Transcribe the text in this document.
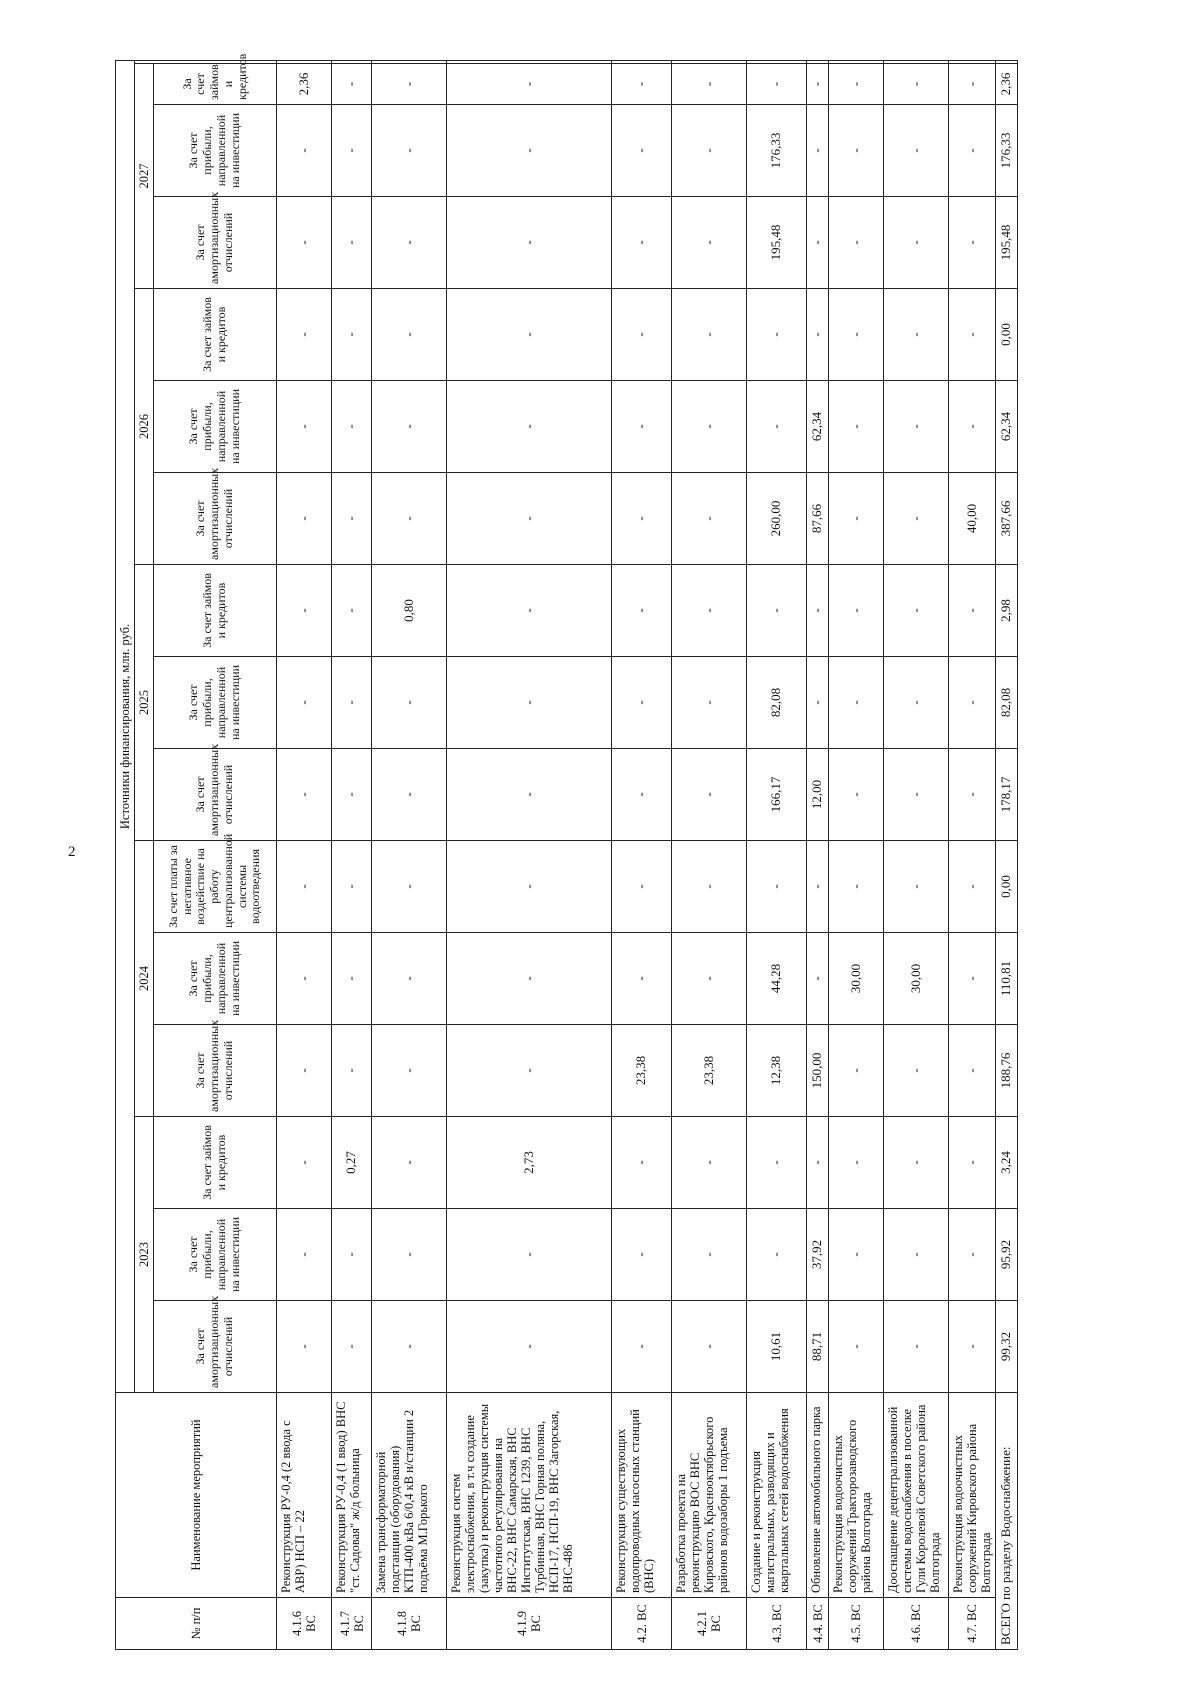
2
№ п/п	Наименование мероприятий	Источники финансирования, млн. руб.															
		2023			2024			2025			2026			2027			
		За счет амортизационных отчислений	За счет прибыли, направленной на инвестиции	За счет займов и кредитов	За счет амортизационных отчислений	За счет прибыли, направленной на инвестиции	За счет платы за негативное воздействие на работу централизованной системы водоотведения	За счет амортизационных отчислений	За счет прибыли, направленной на инвестиции	За счет займов и кредитов	За счет амортизационных отчислений	За счет прибыли, направленной на инвестиции	За счет займов и кредитов	За счет амортизационных отчислений	За счет прибыли, направленной на инвестиции	За счет займов и кредитов	
4.1.6 ВС	Реконструкция РУ-0,4 (2 ввода с АВР) НСП – 22	-	-	-	-	-	-	-	-	-	-	-	-	-	-	2,36	
4.1.7 ВС	Реконструкция РУ-0,4 (1 ввод) ВНС "ст. Садовая" ж/д больница	-	-	0,27	-	-	-	-	-	-	-	-	-	-	-	-	
4.1.8 ВС	Замена трансформаторной подстанции (оборудования) КТП-400 кВа 6/0,4 кВ н/станции 2 подъёма М.Горького	-	-	-	-	-	-	-	-	0,80	-	-	-	-	-	-	
4.1.9 ВС	Реконструкция систем электроснабжения, в т.ч создание (закупка) и реконструкция системы частотного регулирования на ВНС-22, ВНС Самарская, ВНС Институтская, ВНС 1239, ВНС Турбинная, ВНС Горная поляна, НСП-17, НСП-19, ВНС Загорская, ВНС-486	-	-	2,73	-	-	-	-	-	-	-	-	-	-	-	-	
4.2. ВС	Реконструкция существующих водопроводных насосных станций (ВНС)	-	-	-	23,38	-	-	-	-	-	-	-	-	-	-	-	
4.2.1 ВС	Разработка проекта на реконструкцию ВОС ВНС Кировского, Краснооктябрьского районов водозаборы 1 подъема	-	-	-	23,38	-	-	-	-	-	-	-	-	-	-	-	
4.3. ВС	Создание и реконструкция магистральных, разводящих и квартальных сетей водоснабжения	10,61	-	-	12,38	44,28	-	166,17	82,08	-	260,00	-	-	195,48	176,33	-	
4.4. ВС	Обновление автомобильного парка	88,71	37,92	-	150,00	-	-	12,00	-	-	87,66	62,34	-	-	-	-	
4.5. ВС	Реконструкция водоочистных сооружений Тракторозаводского района Волгограда	-	-	-	-	30,00	-	-	-	-	-	-	-	-	-	-	
4.6. ВС	Дооснащение децентрализованной системы водоснабжения в поселке Гули Королевой Советского района Волгограда	-	-	-	-	30,00	-	-	-	-	-	-	-	-	-	-	
4.7. ВС	Реконструкция водоочистных сооружений Кировского района Волгограда	-	-	-	-	-	-	-	-	-	40,00	-	-	-	-	-	
ВСЕГО по разделу Водоснабжение:		99,32	95,92	3,24	188,76	110,81	0,00	178,17	82,08	2,98	387,66	62,34	0,00	195,48	176,33	2,36	
